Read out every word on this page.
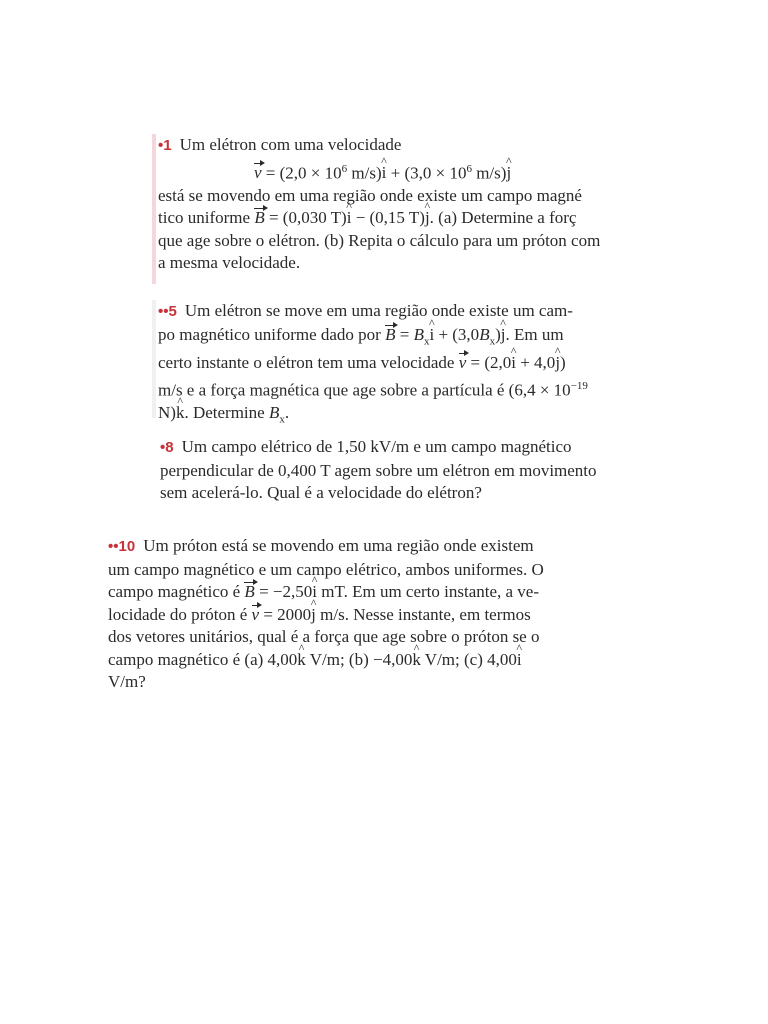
•1 Um elétron com uma velocidade
$v = (2,0 \times 10^6$ m/s)i ^ + ($3,0 \times 10^6$ m/s)j ^
está se movendo em uma região onde existe um campo magné
tico uniforme B = (0,030 T)i ^ − (0,15 T)j ^. (a) Determine a forç
que age sobre o elétron. (b) Repita o cálculo para um próton com
a mesma velocidade.
••5 Um elétron se move em uma região onde existe um cam-
po magnético uniforme dado por $B = B_xi$ ^ + $(3,0B_x)j$ ^. Em um
certo instante o elétron tem uma velocidade v = (2,0i ^ + 4,0j ^)
m/s e a força magnética que age sobre a partícula é ($6,4 \times 10^{-19}$
N)k ^. Determine $B_x$.
•8 Um campo elétrico de 1,50 kV/m e um campo magnético
perpendicular de 0,400 T agem sobre um elétron em movimento
sem acelerá-lo. Qual é a velocidade do elétron?
••10 Um próton está se movendo em uma região onde existem
um campo magnético e um campo elétrico, ambos uniformes. O
campo magnético é B = −2,50i ^ mT. Em um certo instante, a ve-
locidade do próton é v = 2000j ^ m/s. Nesse instante, em termos
dos vetores unitários, qual é a força que age sobre o próton se o
campo magnético é (a) 4,00k ^ V/m; (b) −4,00k ^ V/m; (c) 4,00i ^
V/m?
